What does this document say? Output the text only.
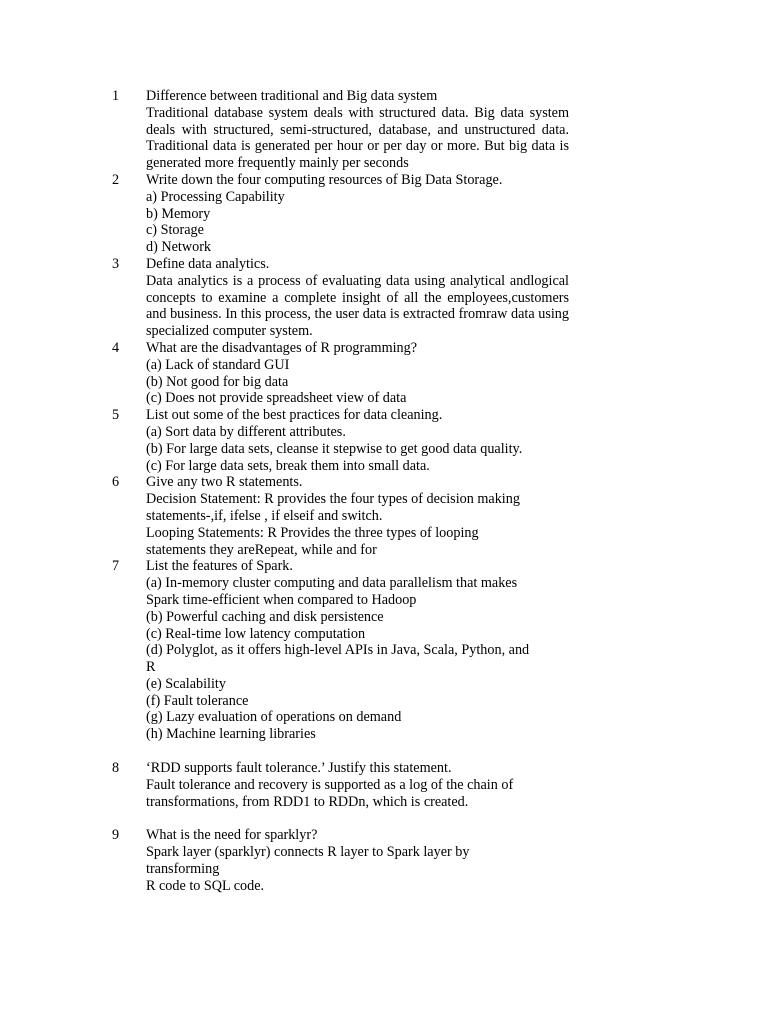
1	Difference between traditional and Big data system
Traditional database system deals with structured data. Big data system deals with structured, semi-structured, database, and unstructured data. Traditional data is generated per hour or per day or more. But big data is generated more frequently mainly per seconds
2	Write down the four computing resources of Big Data Storage.
a) Processing Capability
b) Memory
c) Storage
d) Network
3	Define data analytics.
Data analytics is a process of evaluating data using analytical andlogical concepts to examine a complete insight of all the employees,customers and business. In this process, the user data is extracted fromraw data using specialized computer system.
4	What are the disadvantages of R programming?
(a) Lack of standard GUI
(b) Not good for big data
(c) Does not provide spreadsheet view of data
5	List out some of the best practices for data cleaning.
(a) Sort data by different attributes.
(b) For large data sets, cleanse it stepwise to get good data quality.
(c) For large data sets, break them into small data.
6	Give any two R statements.
Decision Statement: R provides the four types of decision making
statements-,if, ifelse , if elseif and switch.
Looping Statements: R Provides the three types of looping
statements they areRepeat, while and for
7	List the features of Spark.
(a) In-memory cluster computing and data parallelism that makes
Spark time-efficient when compared to Hadoop
(b) Powerful caching and disk persistence
(c) Real-time low latency computation
(d) Polyglot, as it offers high-level APIs in Java, Scala, Python, and
R
(e) Scalability
(f) Fault tolerance
(g) Lazy evaluation of operations on demand
(h) Machine learning libraries
8	‘RDD supports fault tolerance.’ Justify this statement.
Fault tolerance and recovery is supported as a log of the chain of
transformations, from RDD1 to RDDn, which is created.
9	What is the need for sparklyr?
Spark layer (sparklyr) connects R layer to Spark layer by
transforming
R code to SQL code.
